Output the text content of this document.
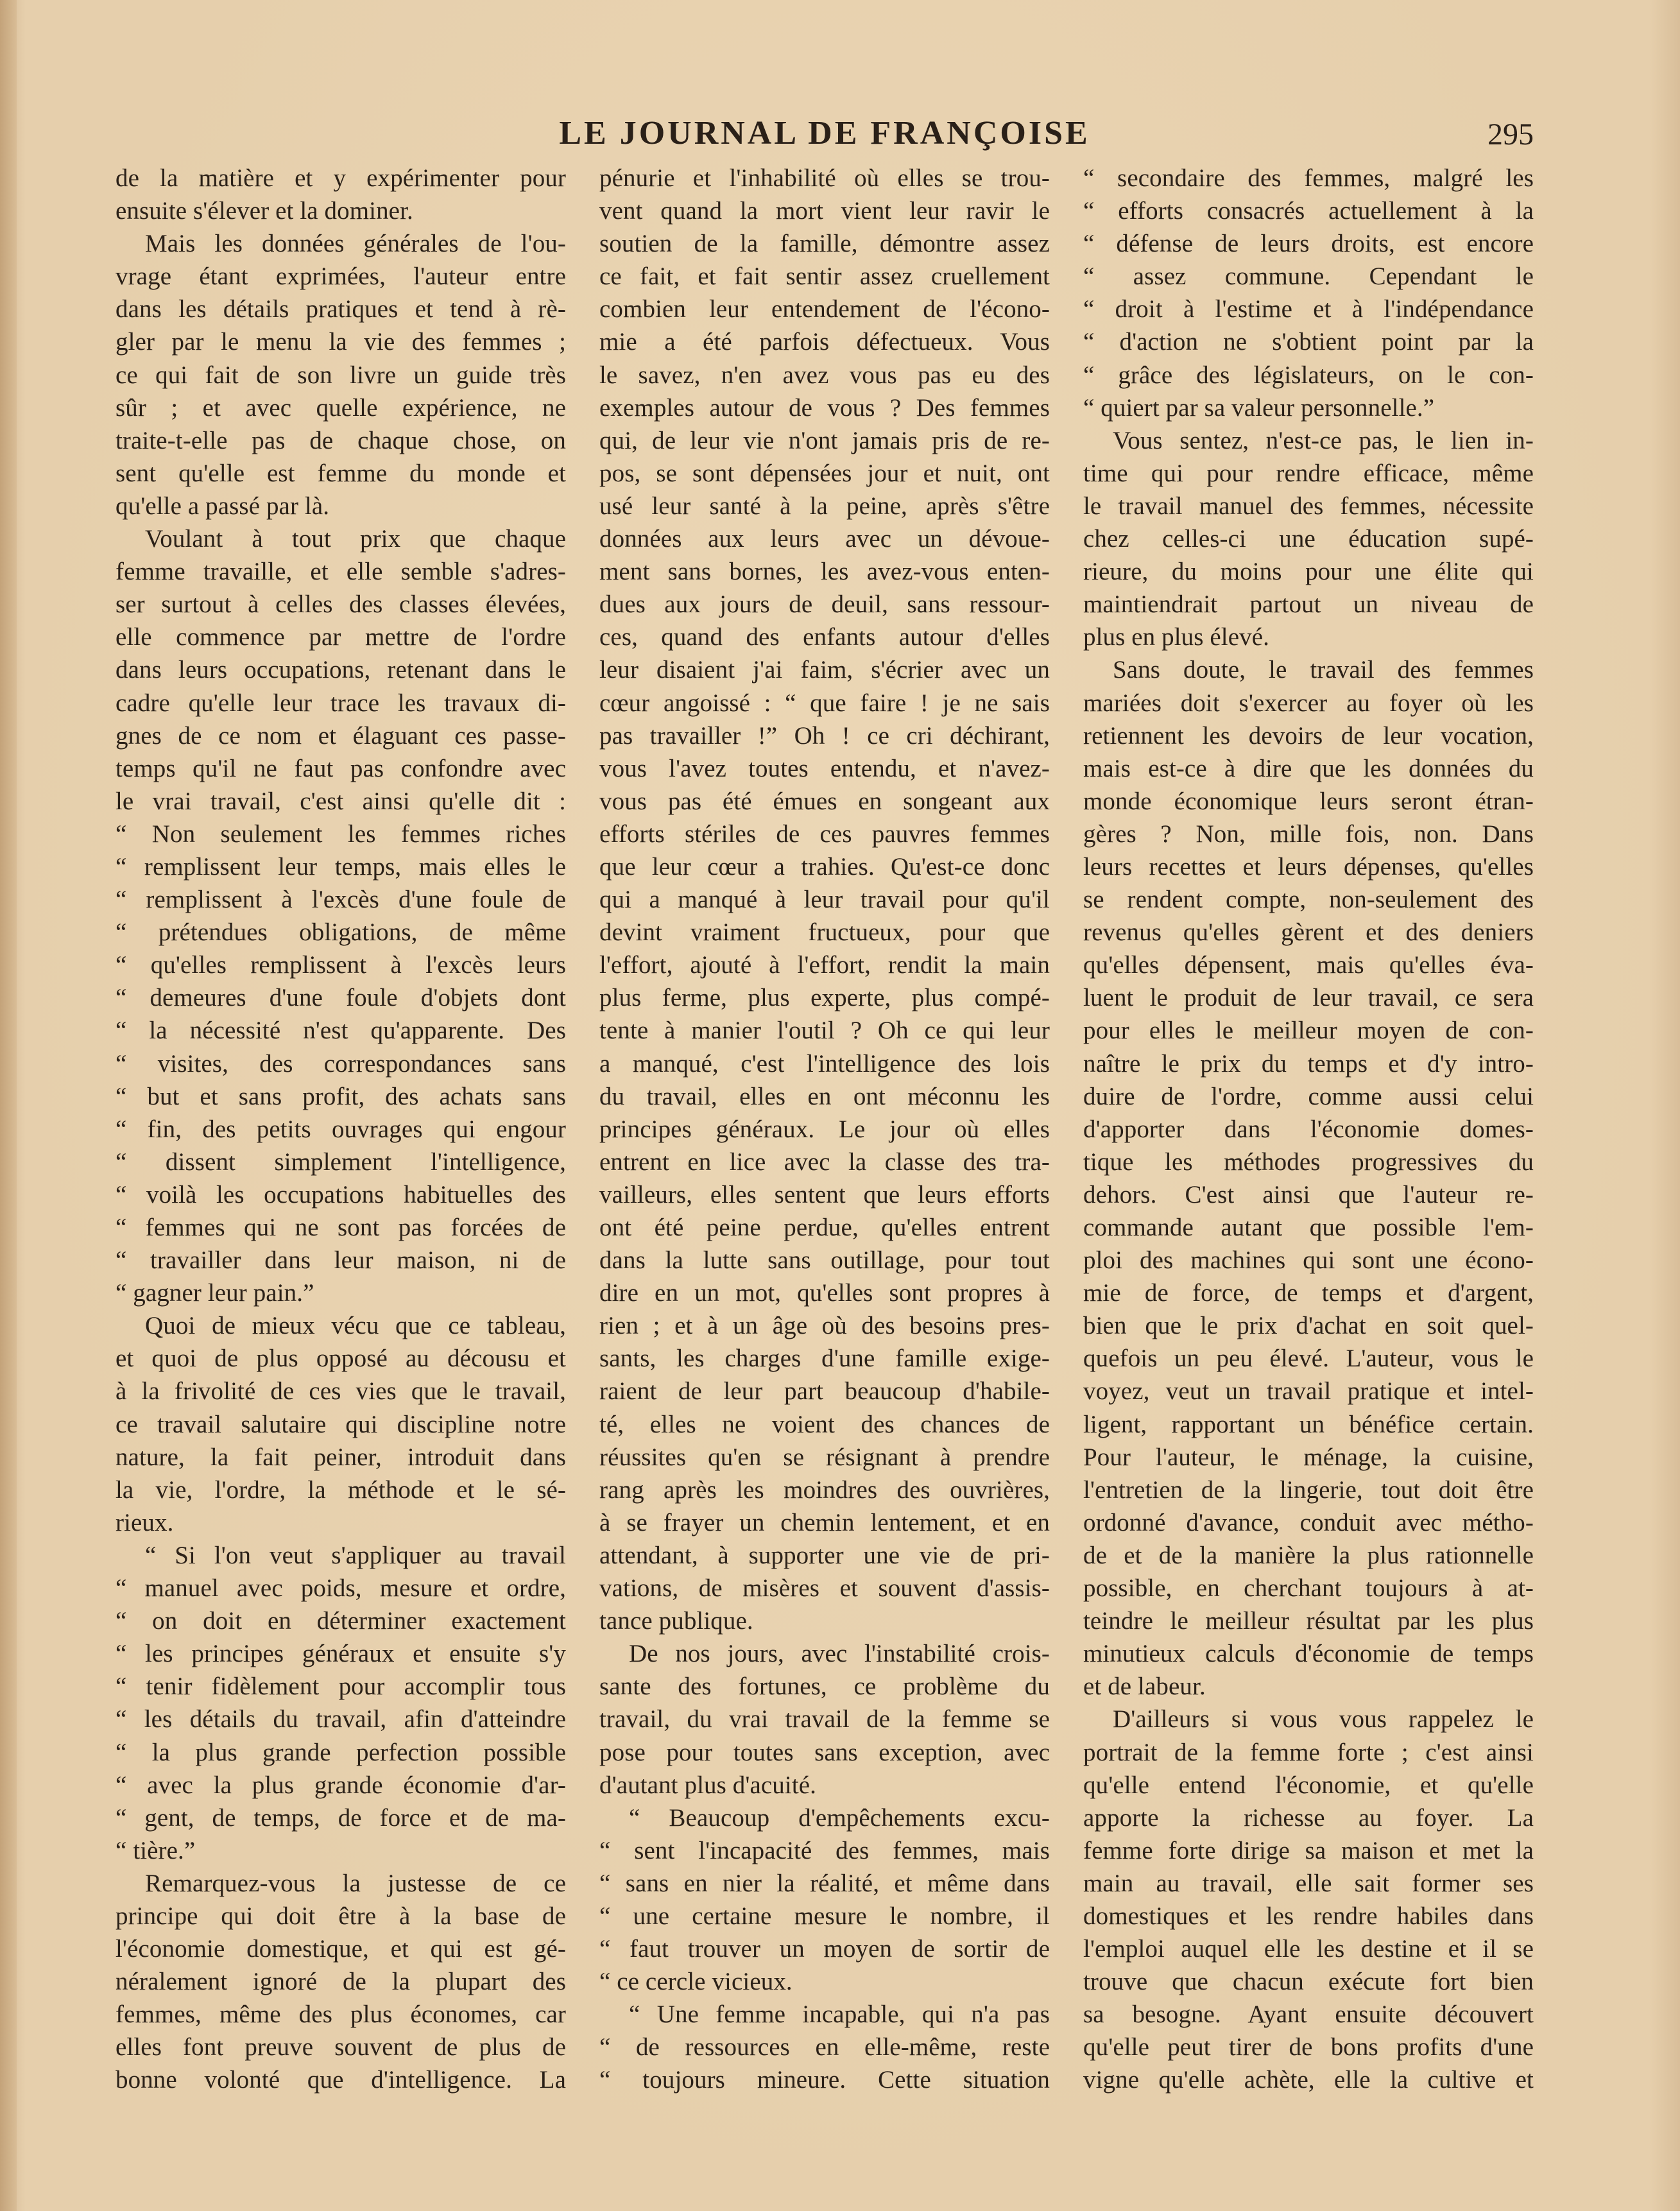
LE JOURNAL DE FRANÇOISE	295
de la matière et y expérimenter pour
ensuite s'élever et la dominer.
Mais les données générales de l'ou-
vrage étant exprimées, l'auteur entre
dans les détails pratiques et tend à rè-
gler par le menu la vie des femmes ;
ce qui fait de son livre un guide très
sûr ; et avec quelle expérience, ne
traite-t-elle pas de chaque chose, on
sent qu'elle est femme du monde et
qu'elle a passé par là.
Voulant à tout prix que chaque
femme travaille, et elle semble s'adres-
ser surtout à celles des classes élevées,
elle commence par mettre de l'ordre
dans leurs occupations, retenant dans le
cadre qu'elle leur trace les travaux di-
gnes de ce nom et élaguant ces passe-
temps qu'il ne faut pas confondre avec
le vrai travail, c'est ainsi qu'elle dit :
“ Non seulement les femmes riches
“ remplissent leur temps, mais elles le
“ remplissent à l'excès d'une foule de
“ prétendues obligations, de même
“ qu'elles remplissent à l'excès leurs
“ demeures d'une foule d'objets dont
“ la nécessité n'est qu'apparente. Des
“ visites, des correspondances sans
“ but et sans profit, des achats sans
“ fin, des petits ouvrages qui engour
“ dissent simplement l'intelligence,
“ voilà les occupations habituelles des
“ femmes qui ne sont pas forcées de
“ travailler dans leur maison, ni de
“ gagner leur pain.”
Quoi de mieux vécu que ce tableau,
et quoi de plus opposé au décousu et
à la frivolité de ces vies que le travail,
ce travail salutaire qui discipline notre
nature, la fait peiner, introduit dans
la vie, l'ordre, la méthode et le sé-
rieux.
“ Si l'on veut s'appliquer au travail
“ manuel avec poids, mesure et ordre,
“ on doit en déterminer exactement
“ les principes généraux et ensuite s'y
“ tenir fidèlement pour accomplir tous
“ les détails du travail, afin d'atteindre
“ la plus grande perfection possible
“ avec la plus grande économie d'ar-
“ gent, de temps, de force et de ma-
“ tière.”
Remarquez-vous la justesse de ce
principe qui doit être à la base de
l'économie domestique, et qui est gé-
néralement ignoré de la plupart des
femmes, même des plus économes, car
elles font preuve souvent de plus de
bonne volonté que d'intelligence. La
pénurie et l'inhabilité où elles se trou-
vent quand la mort vient leur ravir le
soutien de la famille, démontre assez
ce fait, et fait sentir assez cruellement
combien leur entendement de l'écono-
mie a été parfois défectueux. Vous
le savez, n'en avez vous pas eu des
exemples autour de vous ? Des femmes
qui, de leur vie n'ont jamais pris de re-
pos, se sont dépensées jour et nuit, ont
usé leur santé à la peine, après s'être
données aux leurs avec un dévoue-
ment sans bornes, les avez-vous enten-
dues aux jours de deuil, sans ressour-
ces, quand des enfants autour d'elles
leur disaient j'ai faim, s'écrier avec un
cœur angoissé : “ que faire ! je ne sais
pas travailler !” Oh ! ce cri déchirant,
vous l'avez toutes entendu, et n'avez-
vous pas été émues en songeant aux
efforts stériles de ces pauvres femmes
que leur cœur a trahies. Qu'est-ce donc
qui a manqué à leur travail pour qu'il
devint vraiment fructueux, pour que
l'effort, ajouté à l'effort, rendit la main
plus ferme, plus experte, plus compé-
tente à manier l'outil ? Oh ce qui leur
a manqué, c'est l'intelligence des lois
du travail, elles en ont méconnu les
principes généraux. Le jour où elles
entrent en lice avec la classe des tra-
vailleurs, elles sentent que leurs efforts
ont été peine perdue, qu'elles entrent
dans la lutte sans outillage, pour tout
dire en un mot, qu'elles sont propres à
rien ; et à un âge où des besoins pres-
sants, les charges d'une famille exige-
raient de leur part beaucoup d'habile-
té, elles ne voient des chances de
réussites qu'en se résignant à prendre
rang après les moindres des ouvrières,
à se frayer un chemin lentement, et en
attendant, à supporter une vie de pri-
vations, de misères et souvent d'assis-
tance publique.
De nos jours, avec l'instabilité crois-
sante des fortunes, ce problème du
travail, du vrai travail de la femme se
pose pour toutes sans exception, avec
d'autant plus d'acuité.
“ Beaucoup d'empêchements excu-
“ sent l'incapacité des femmes, mais
“ sans en nier la réalité, et même dans
“ une certaine mesure le nombre, il
“ faut trouver un moyen de sortir de
“ ce cercle vicieux.
“ Une femme incapable, qui n'a pas
“ de ressources en elle-même, reste
“ toujours mineure. Cette situation
“ secondaire des femmes, malgré les
“ efforts consacrés actuellement à la
“ défense de leurs droits, est encore
“ assez commune. Cependant le
“ droit à l'estime et à l'indépendance
“ d'action ne s'obtient point par la
“ grâce des législateurs, on le con-
“ quiert par sa valeur personnelle.”
Vous sentez, n'est-ce pas, le lien in-
time qui pour rendre efficace, même
le travail manuel des femmes, nécessite
chez celles-ci une éducation supé-
rieure, du moins pour une élite qui
maintiendrait partout un niveau de
plus en plus élevé.
Sans doute, le travail des femmes
mariées doit s'exercer au foyer où les
retiennent les devoirs de leur vocation,
mais est-ce à dire que les données du
monde économique leurs seront étran-
gères ? Non, mille fois, non. Dans
leurs recettes et leurs dépenses, qu'elles
se rendent compte, non-seulement des
revenus qu'elles gèrent et des deniers
qu'elles dépensent, mais qu'elles éva-
luent le produit de leur travail, ce sera
pour elles le meilleur moyen de con-
naître le prix du temps et d'y intro-
duire de l'ordre, comme aussi celui
d'apporter dans l'économie domes-
tique les méthodes progressives du
dehors. C'est ainsi que l'auteur re-
commande autant que possible l'em-
ploi des machines qui sont une écono-
mie de force, de temps et d'argent,
bien que le prix d'achat en soit quel-
quefois un peu élevé. L'auteur, vous le
voyez, veut un travail pratique et intel-
ligent, rapportant un bénéfice certain.
Pour l'auteur, le ménage, la cuisine,
l'entretien de la lingerie, tout doit être
ordonné d'avance, conduit avec métho-
de et de la manière la plus rationnelle
possible, en cherchant toujours à at-
teindre le meilleur résultat par les plus
minutieux calculs d'économie de temps
et de labeur.
D'ailleurs si vous vous rappelez le
portrait de la femme forte ; c'est ainsi
qu'elle entend l'économie, et qu'elle
apporte la richesse au foyer. La
femme forte dirige sa maison et met la
main au travail, elle sait former ses
domestiques et les rendre habiles dans
l'emploi auquel elle les destine et il se
trouve que chacun exécute fort bien
sa besogne. Ayant ensuite découvert
qu'elle peut tirer de bons profits d'une
vigne qu'elle achète, elle la cultive et
